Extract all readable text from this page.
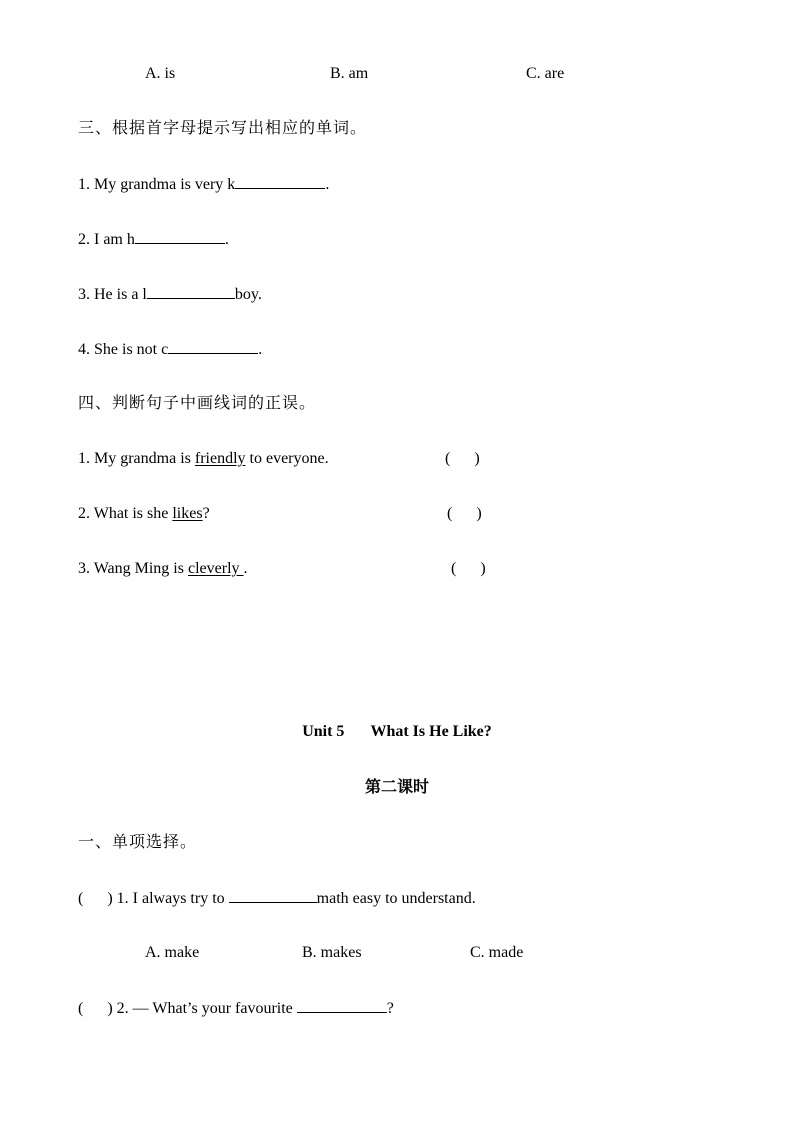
A. is	B. am	C. are
三、根据首字母提示写出相应的单词。
1. My grandma is very k	.
2. I am h	.
3. He is a l	boy.
4. She is not c	.
四、判断句子中画线词的正误。
1. My grandma is friendly to everyone.	(      )
2. What is she likes?	(      )
3. Wang Ming is cleverly .	(      )
Unit 5 What Is He Like?
第二课时
一、单项选择。
(      ) 1. I always try to	math easy to understand.
A. make	B. makes	C. made
(      ) 2. — What’s your favourite	?
